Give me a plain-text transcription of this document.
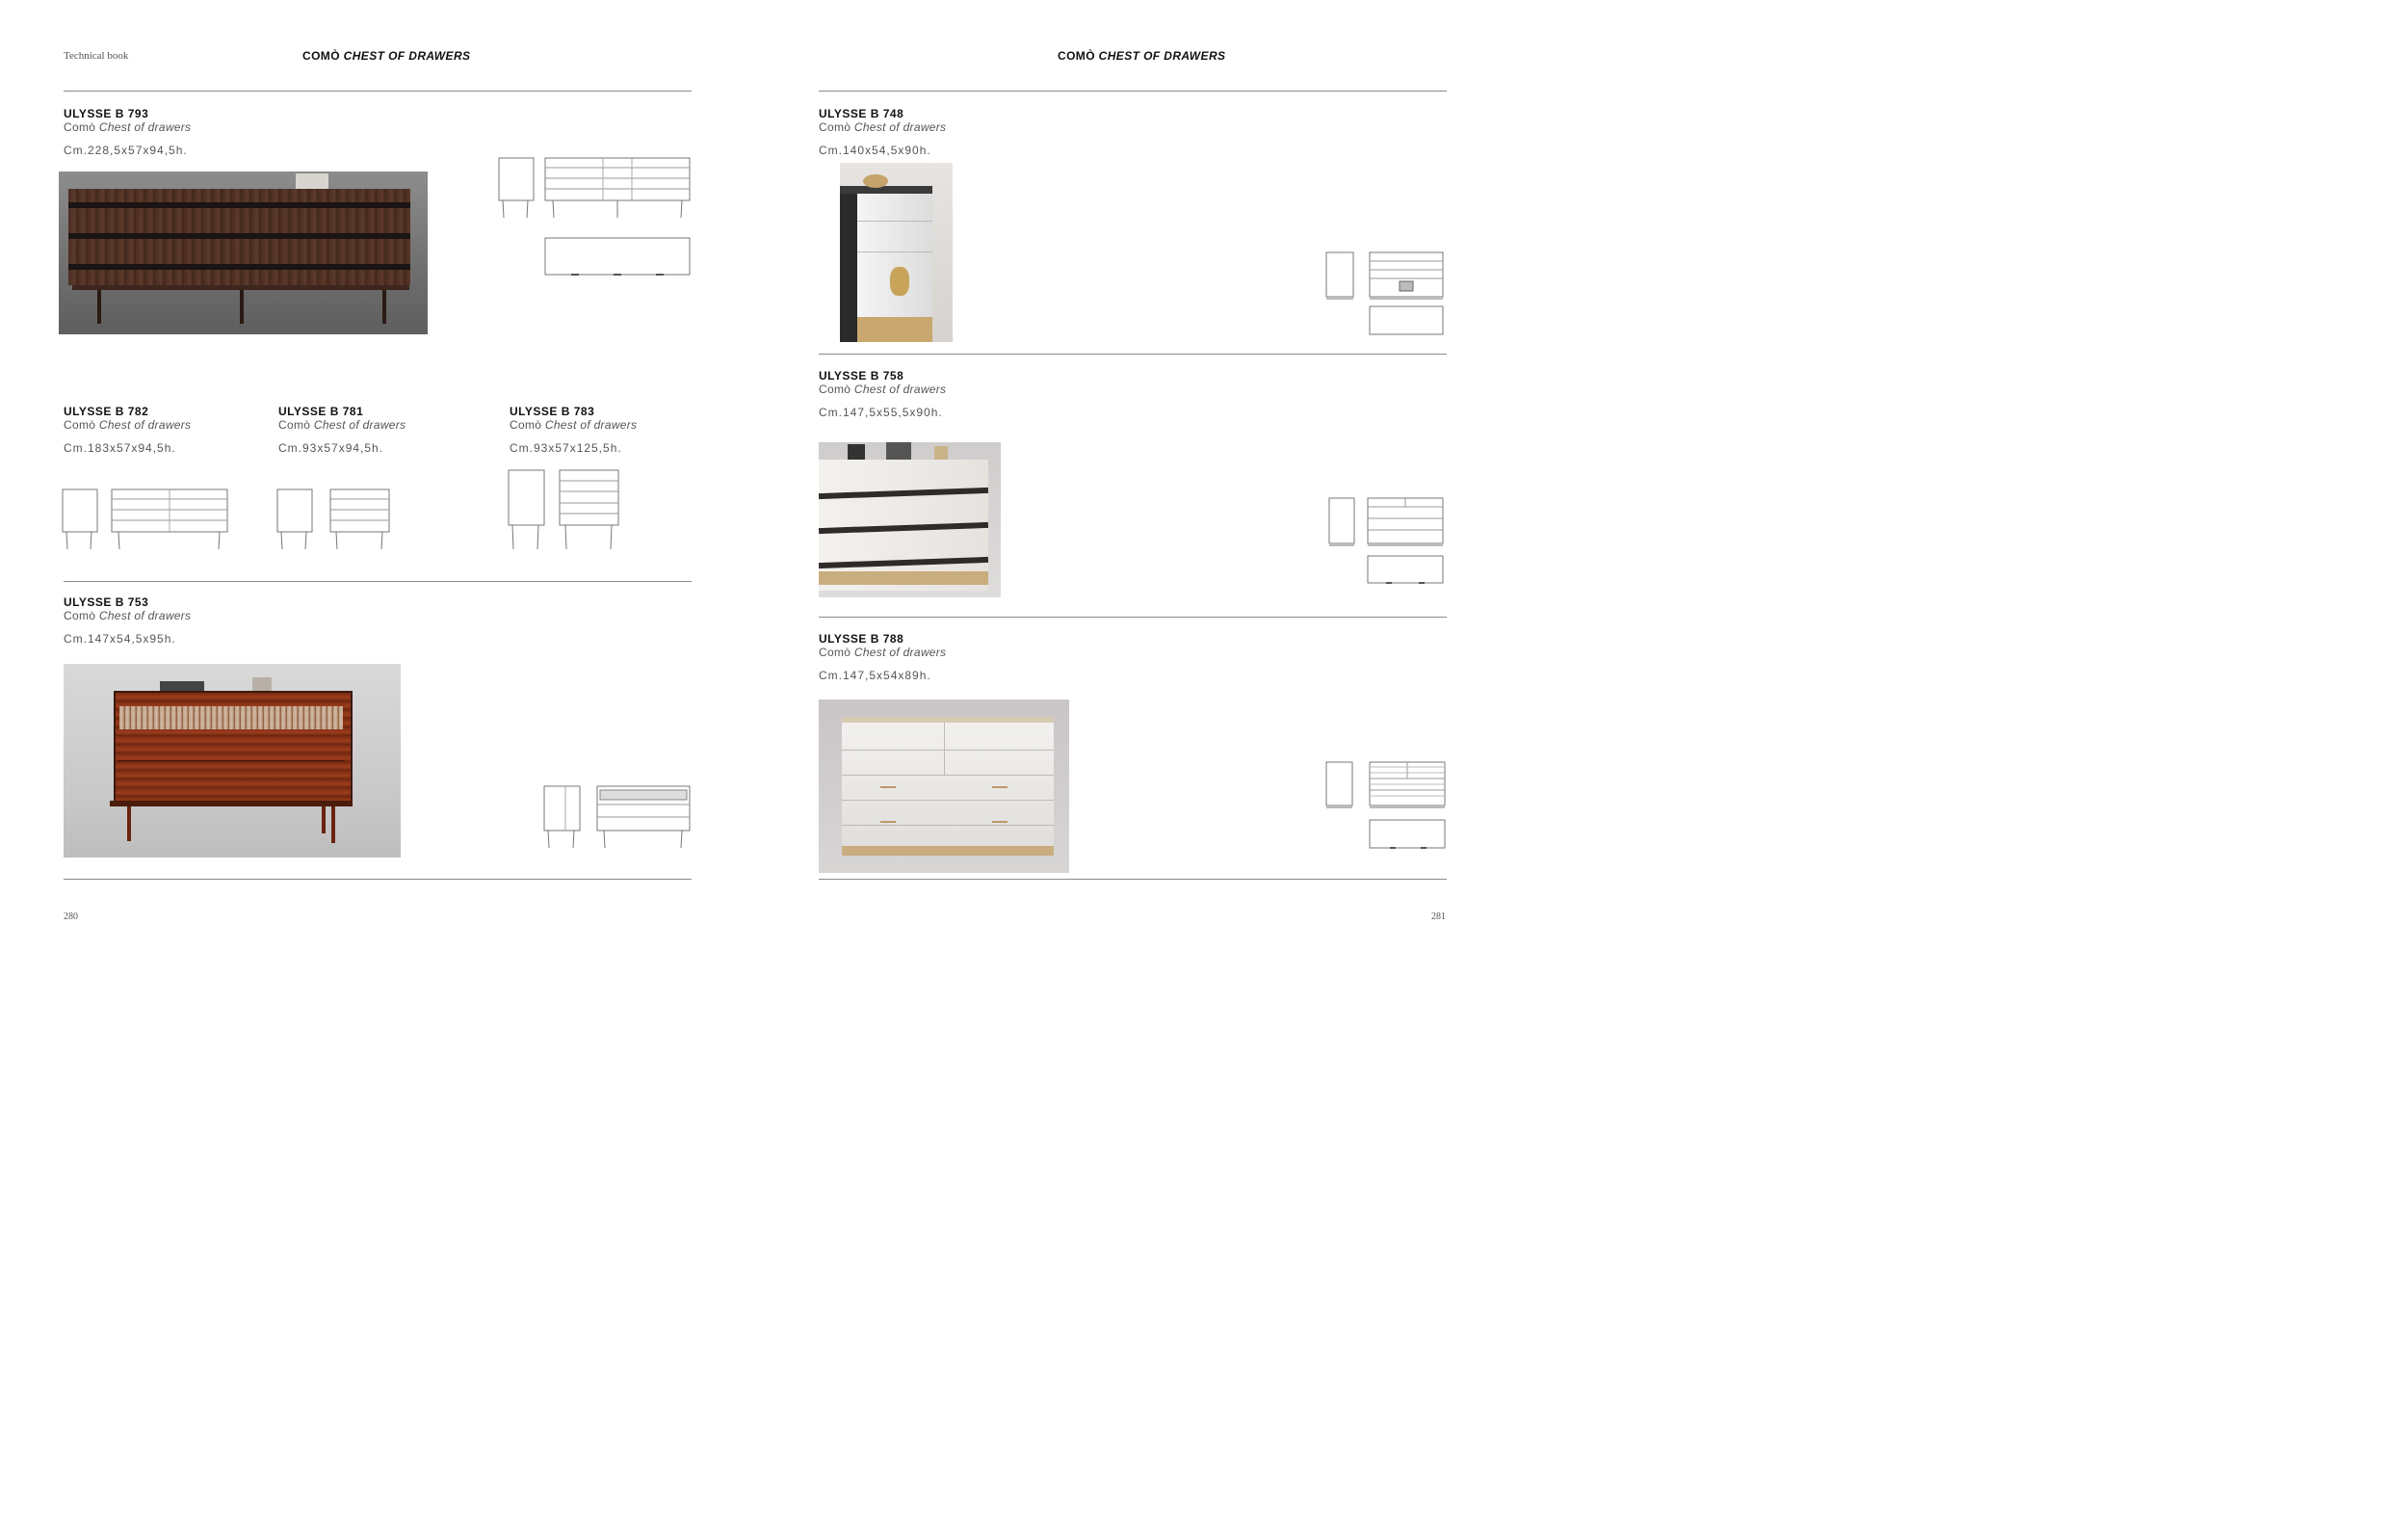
Technical book	COMÒ CHEST OF DRAWERS	COMÒ CHEST OF DRAWERS
ULYSSE B 793
Comò Chest of drawers
Cm.228,5x57x94,5h.
ULYSSE B 782
Comò Chest of drawers
Cm.183x57x94,5h.
ULYSSE B 781
Comò Chest of drawers
Cm.93x57x94,5h.
ULYSSE B 783
Comò Chest of drawers
Cm.93x57x125,5h.
ULYSSE B 753
Comò Chest of drawers
Cm.147x54,5x95h.
ULYSSE B 748
Comò Chest of drawers
Cm.140x54,5x90h.
ULYSSE B 758
Comò Chest of drawers
Cm.147,5x55,5x90h.
ULYSSE B 788
Comò Chest of drawers
Cm.147,5x54x89h.
280	281
